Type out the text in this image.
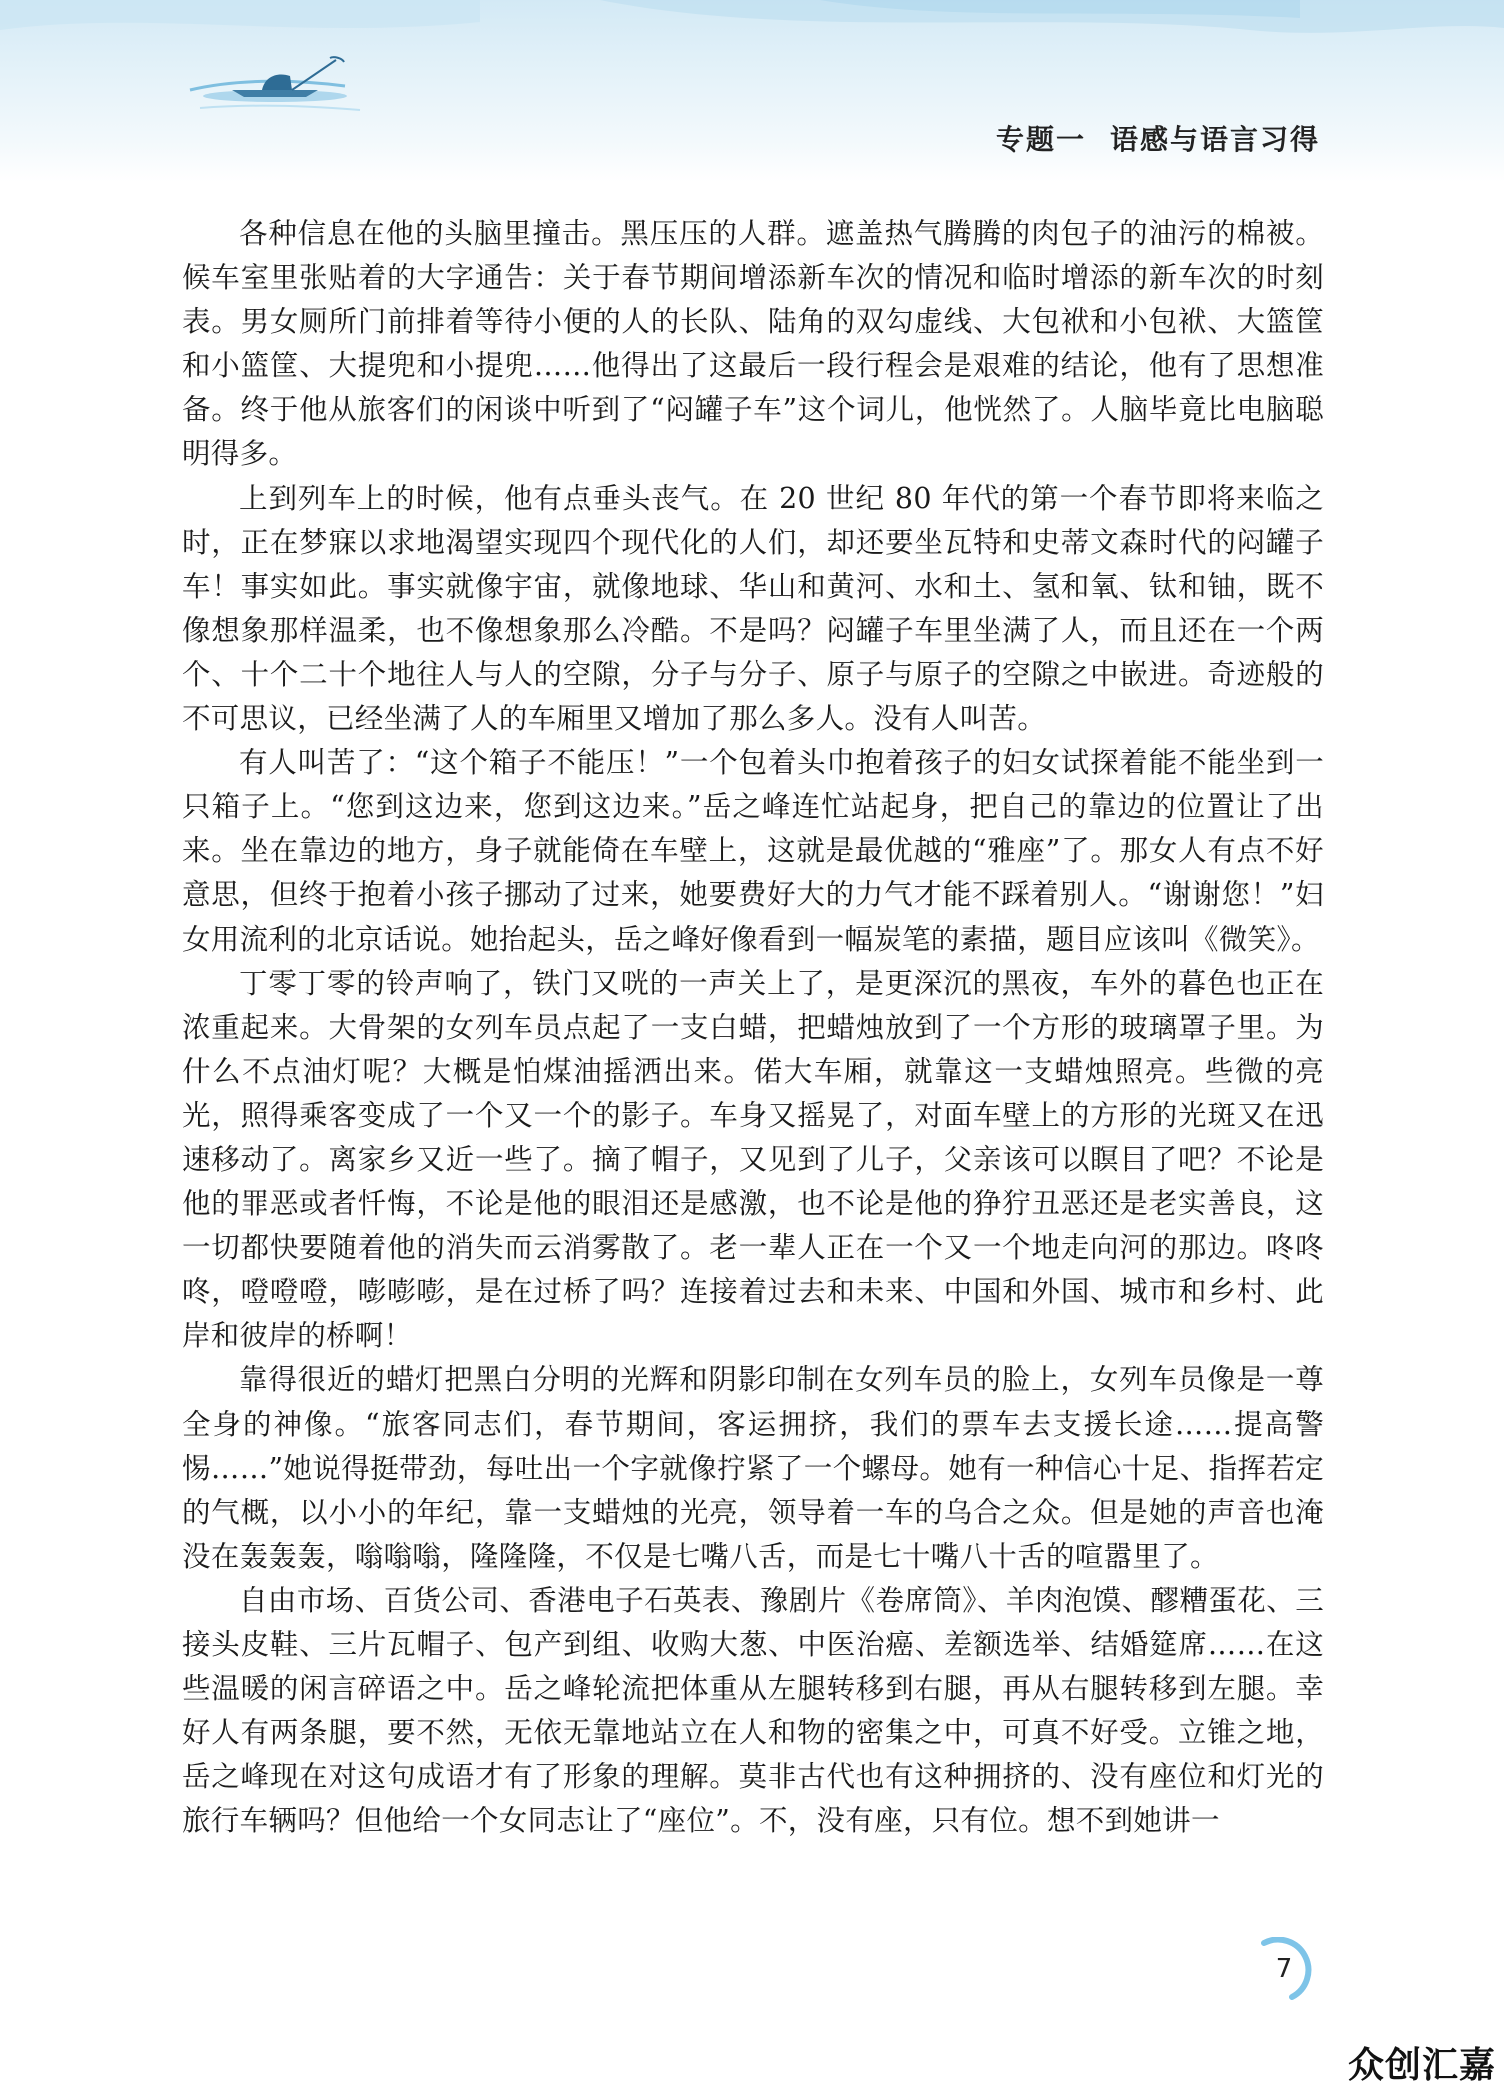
专题一 语感与语言习得

各种信息在他的头脑里撞击。黑压压的人群。遮盖热气腾腾的肉包子的油污的棉被。候车室里张贴着的大字通告：关于春节期间增添新车次的情况和临时增添的新车次的时刻表。男女厕所门前排着等待小便的人的长队、陆角的双勾虚线、大包袱和小包袱、大篮筐和小篮筐、大提兜和小提兜……他得出了这最后一段行程会是艰难的结论，他有了思想准备。终于他从旅客们的闲谈中听到了“闷罐子车”这个词儿，他恍然了。人脑毕竟比电脑聪明得多。

上到列车上的时候，他有点垂头丧气。在 20 世纪 80 年代的第一个春节即将来临之时，正在梦寐以求地渴望实现四个现代化的人们，却还要坐瓦特和史蒂文森时代的闷罐子车！事实如此。事实就像宇宙，就像地球、华山和黄河、水和土、氢和氧、钛和铀，既不像想象那样温柔，也不像想象那么冷酷。不是吗？闷罐子车里坐满了人，而且还在一个两个、十个二十个地往人与人的空隙，分子与分子、原子与原子的空隙之中嵌进。奇迹般的不可思议，已经坐满了人的车厢里又增加了那么多人。没有人叫苦。

有人叫苦了：“这个箱子不能压！”一个包着头巾抱着孩子的妇女试探着能不能坐到一只箱子上。“您到这边来，您到这边来。”岳之峰连忙站起身，把自己的靠边的位置让了出来。坐在靠边的地方，身子就能倚在车壁上，这就是最优越的“雅座”了。那女人有点不好意思，但终于抱着小孩子挪动了过来，她要费好大的力气才能不踩着别人。“谢谢您！”妇女用流利的北京话说。她抬起头，岳之峰好像看到一幅炭笔的素描，题目应该叫《微笑》。

丁零丁零的铃声响了，铁门又咣的一声关上了，是更深沉的黑夜，车外的暮色也正在浓重起来。大骨架的女列车员点起了一支白蜡，把蜡烛放到了一个方形的玻璃罩子里。为什么不点油灯呢？大概是怕煤油摇洒出来。偌大车厢，就靠这一支蜡烛照亮。些微的亮光，照得乘客变成了一个又一个的影子。车身又摇晃了，对面车壁上的方形的光斑又在迅速移动了。离家乡又近一些了。摘了帽子，又见到了儿子，父亲该可以瞑目了吧？不论是他的罪恶或者忏悔，不论是他的眼泪还是感激，也不论是他的狰狞丑恶还是老实善良，这一切都快要随着他的消失而云消雾散了。老一辈人正在一个又一个地走向河的那边。咚咚咚，噔噔噔，嘭嘭嘭，是在过桥了吗？连接着过去和未来、中国和外国、城市和乡村、此岸和彼岸的桥啊！

靠得很近的蜡灯把黑白分明的光辉和阴影印制在女列车员的脸上，女列车员像是一尊全身的神像。“旅客同志们，春节期间，客运拥挤，我们的票车去支援长途……提高警惕……”她说得挺带劲，每吐出一个字就像拧紧了一个螺母。她有一种信心十足、指挥若定的气概，以小小的年纪，靠一支蜡烛的光亮，领导着一车的乌合之众。但是她的声音也淹没在轰轰轰，嗡嗡嗡，隆隆隆，不仅是七嘴八舌，而是七十嘴八十舌的喧嚣里了。

自由市场、百货公司、香港电子石英表、豫剧片《卷席筒》、羊肉泡馍、醪糟蛋花、三接头皮鞋、三片瓦帽子、包产到组、收购大葱、中医治癌、差额选举、结婚筵席……在这些温暖的闲言碎语之中。岳之峰轮流把体重从左腿转移到右腿，再从右腿转移到左腿。幸好人有两条腿，要不然，无依无靠地站立在人和物的密集之中，可真不好受。立锥之地，岳之峰现在对这句成语才有了形象的理解。莫非古代也有这种拥挤的、没有座位和灯光的旅行车辆吗？但他给一个女同志让了“座位”。不，没有座，只有位。想不到她讲一

7
众创汇嘉
